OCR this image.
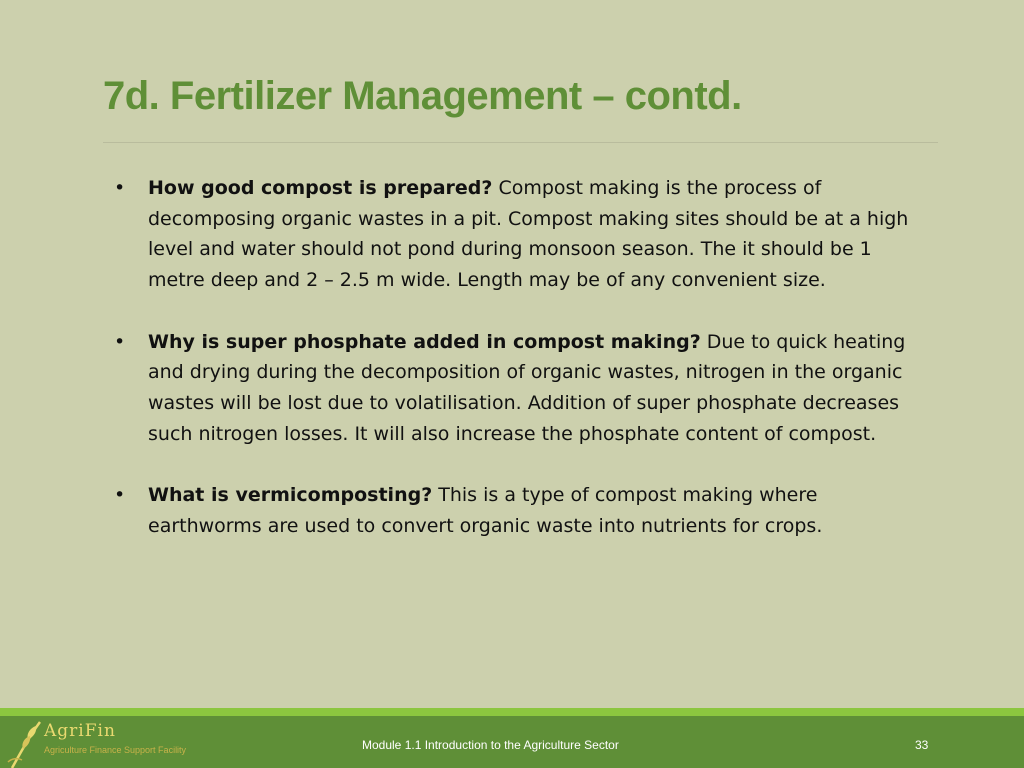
7d. Fertilizer Management – contd.
• How good compost is prepared? Compost making is the process of decomposing organic wastes in a pit. Compost making sites should be at a high level and water should not pond during monsoon season. The it should be 1 metre deep and 2 – 2.5 m wide. Length may be of any convenient size.
• Why is super phosphate added in compost making? Due to quick heating and drying during the decomposition of organic wastes, nitrogen in the organic wastes will be lost due to volatilisation. Addition of super phosphate decreases such nitrogen losses. It will also increase the phosphate content of compost.
• What is vermicomposting? This is a type of compost making where earthworms are used to convert organic waste into nutrients for crops.
AgriFin
Agriculture Finance Support Facility	Module 1.1 Introduction to the Agriculture Sector	33
